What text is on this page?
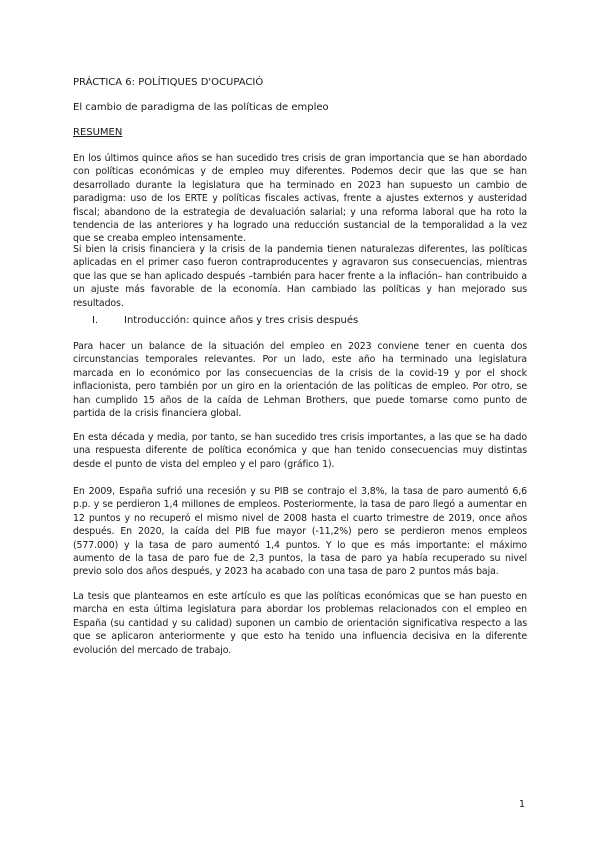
PRÁCTICA 6: POLÍTIQUES D'OCUPACIÓ
El cambio de paradigma de las políticas de empleo
RESUMEN
En los últimos quince años se han sucedido tres crisis de gran importancia que se han abordado con políticas económicas y de empleo muy diferentes. Podemos decir que las que se han desarrollado durante la legislatura que ha terminado en 2023 han supuesto un cambio de paradigma: uso de los ERTE y políticas fiscales activas, frente a ajustes externos y austeridad fiscal; abandono de la estrategia de devaluación salarial; y una reforma laboral que ha roto la tendencia de las anteriores y ha logrado una reducción sustancial de la temporalidad a la vez que se creaba empleo intensamente.
Si bien la crisis financiera y la crisis de la pandemia tienen naturalezas diferentes, las políticas aplicadas en el primer caso fueron contraproducentes y agravaron sus consecuencias, mientras que las que se han aplicado después –también para hacer frente a la inflación– han contribuido a un ajuste más favorable de la economía. Han cambiado las políticas y han mejorado sus resultados.
I.	Introducción: quince años y tres crisis después
Para hacer un balance de la situación del empleo en 2023 conviene tener en cuenta dos circunstancias temporales relevantes. Por un lado, este año ha terminado una legislatura marcada en lo económico por las consecuencias de la crisis de la covid-19 y por el shock inflacionista, pero también por un giro en la orientación de las políticas de empleo. Por otro, se han cumplido 15 años de la caída de Lehman Brothers, que puede tomarse como punto de partida de la crisis financiera global.
En esta década y media, por tanto, se han sucedido tres crisis importantes, a las que se ha dado una respuesta diferente de política económica y que han tenido consecuencias muy distintas desde el punto de vista del empleo y el paro (gráfico 1).
En 2009, España sufrió una recesión y su PIB se contrajo el 3,8%, la tasa de paro aumentó 6,6 p.p. y se perdieron 1,4 millones de empleos. Posteriormente, la tasa de paro llegó a aumentar en 12 puntos y no recuperó el mismo nivel de 2008 hasta el cuarto trimestre de 2019, once años después. En 2020, la caída del PIB fue mayor (-11,2%) pero se perdieron menos empleos (577.000) y la tasa de paro aumentó 1,4 puntos. Y lo que es más importante: el máximo aumento de la tasa de paro fue de 2,3 puntos, la tasa de paro ya había recuperado su nivel previo solo dos años después, y 2023 ha acabado con una tasa de paro 2 puntos más baja.
La tesis que planteamos en este artículo es que las políticas económicas que se han puesto en marcha en esta última legislatura para abordar los problemas relacionados con el empleo en España (su cantidad y su calidad) suponen un cambio de orientación significativa respecto a las que se aplicaron anteriormente y que esto ha tenido una influencia decisiva en la diferente evolución del mercado de trabajo.
1
